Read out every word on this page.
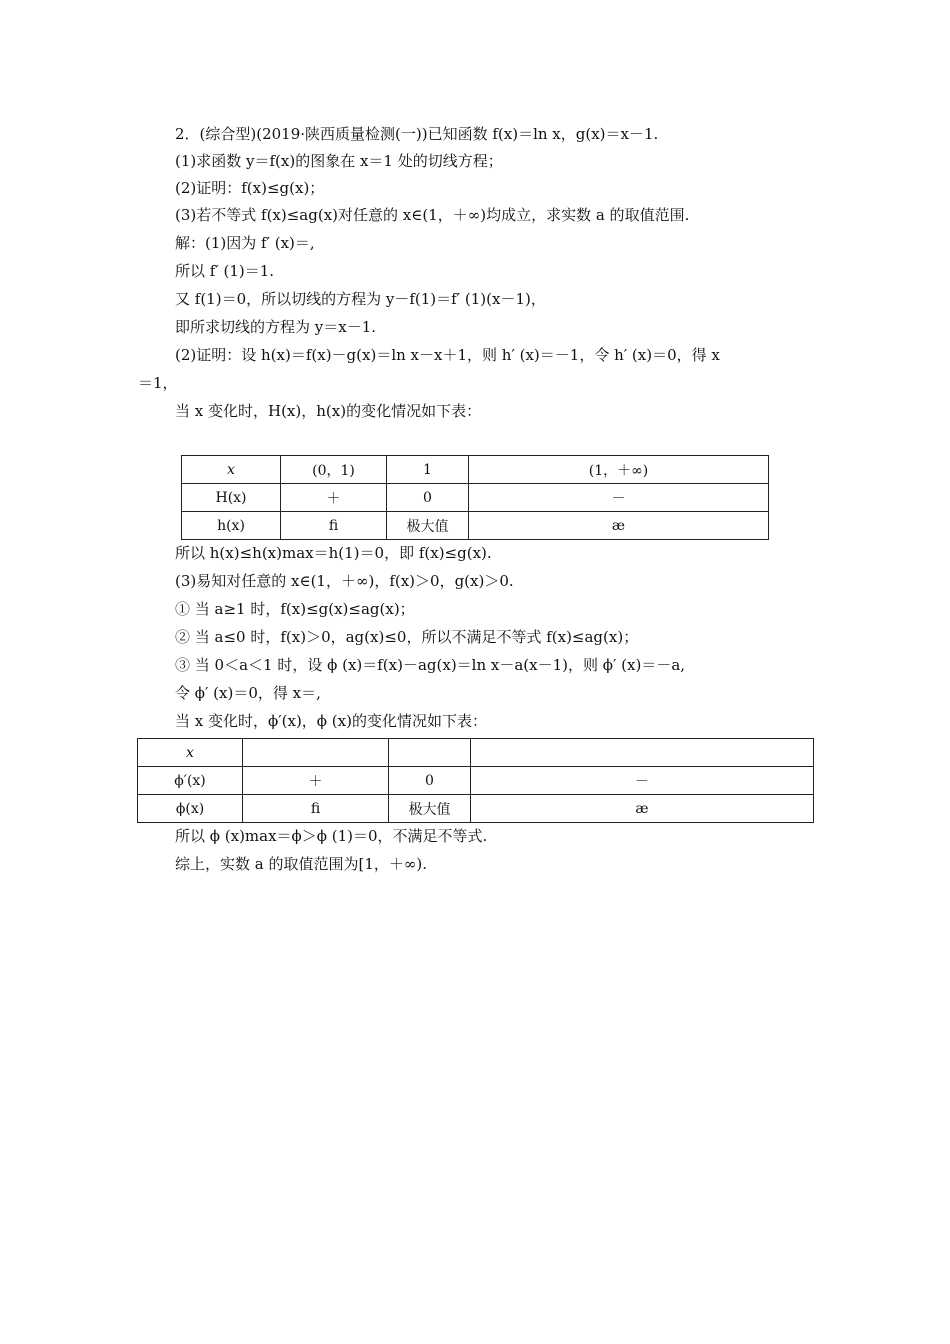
2．(综合型)(2019·陕西质量检测(一))已知函数 f(x)＝ln x，g(x)＝x－1.
(1)求函数 y＝f(x)的图象在 x＝1 处的切线方程；
(2)证明：f(x)≤g(x)；
(3)若不等式 f(x)≤ag(x)对任意的 x∈(1，＋∞)均成立，求实数 a 的取值范围.
解：(1)因为 f′ (x)＝,
所以 f′ (1)＝1.
又 f(1)＝0，所以切线的方程为 y－f(1)＝f′ (1)(x－1)，
即所求切线的方程为 y＝x－1.
(2)证明：设 h(x)＝f(x)－g(x)＝ln x－x＋1，则 h′ (x)＝－1，令 h′ (x)＝0，得 x
＝1，
当 x 变化时，H(x)，h(x)的变化情况如下表：
x	(0，1)	1	(1，＋∞)
H(x)	＋	0	－
h(x)	ﬁ	极大值	æ
所以 h(x)≤h(x)max＝h(1)＝0，即 f(x)≤g(x).
(3)易知对任意的 x∈(1，＋∞)，f(x)＞0，g(x)＞0.
① 当 a≥1 时，f(x)≤g(x)≤ag(x)；
② 当 a≤0 时，f(x)＞0，ag(x)≤0，所以不满足不等式 f(x)≤ag(x)；
③ 当 0＜a＜1 时，设 ϕ (x)＝f(x)－ag(x)＝ln x－a(x－1)，则 ϕ′ (x)＝－a,
令 ϕ′ (x)＝0，得 x＝,
当 x 变化时，ϕ′(x)，ϕ (x)的变化情况如下表：
x			
ϕ′(x)	＋	0	－
ϕ(x)	ﬁ	极大值	æ
所以 ϕ (x)max＝ϕ＞ϕ (1)＝0，不满足不等式.
综上，实数 a 的取值范围为[1，＋∞).
